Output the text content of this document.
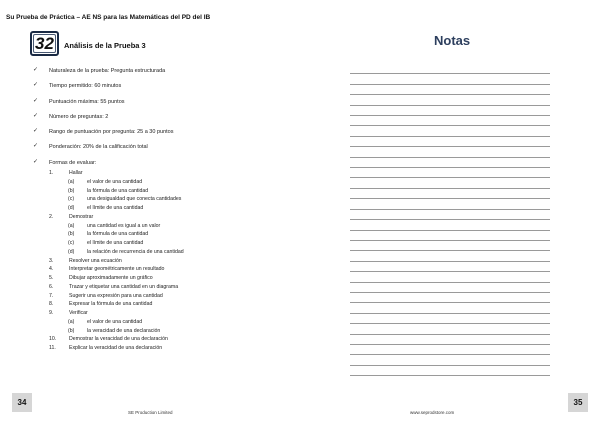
Su Prueba de Práctica – AE NS para las Matemáticas del PD del IB
32 Análisis de la Prueba 3
✓ Naturaleza de la prueba: Pregunta estructurada
✓ Tiempo permitido: 60 minutos
✓ Puntuación máxima: 55 puntos
✓ Número de preguntas: 2
✓ Rango de puntuación por pregunta: 25 a 30 puntos
✓ Ponderación: 20% de la calificación total
✓ Formas de evaluar:
1.	Hallar
(a) el valor de una cantidad
(b) la fórmula de una cantidad
(c) una desigualdad que conecta cantidades
(d) el límite de una cantidad
2.	Demostrar
(a) una cantidad es igual a un valor
(b) la fórmula de una cantidad
(c) el límite de una cantidad
(d) la relación de recurrencia de una cantidad
3.	Resolver una ecuación
4.	Interpretar geométricamente un resultado
5.	Dibujar aproximadamente un gráfico
6.	Trazar y etiquetar una cantidad en un diagrama
7.	Sugerir una expresión para una cantidad
8.	Expresar la fórmula de una cantidad
9.	Verificar
(a) el valor de una cantidad
(b) la veracidad de una declaración
10. Demostrar la veracidad de una declaración
11.	Explicar la veracidad de una declaración
Notas
34	35
SE Production Limited	www.seprodstore.com
